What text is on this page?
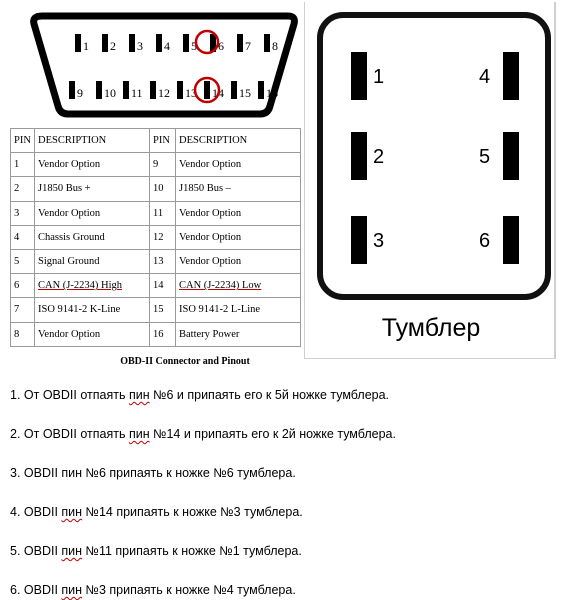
1 2 3 4 5 6 7 8
9 10 11 12 13 14 15 16
PIN	DESCRIPTION	PIN	DESCRIPTION
1	Vendor Option	9	Vendor Option
2	J1850 Bus +	10	J1850 Bus –
3	Vendor Option	11	Vendor Option
4	Chassis Ground	12	Vendor Option
5	Signal Ground	13	Vendor Option
6	CAN (J-2234) High	14	CAN (J-2234) Low
7	ISO 9141-2 K-Line	15	ISO 9141-2 L-Line
8	Vendor Option	16	Battery Power
OBD-II Connector and Pinout
1
2
3
4
5
6
Тумблер
1. От OBDII отпаять пин №6 и припаять его к 5й ножке тумблера.
2. От OBDII отпаять пин №14 и припаять его к 2й ножке тумблера.
3. OBDII пин №6 припаять к ножке №6 тумблера.
4. OBDII пин №14 припаять к ножке №3 тумблера.
5. OBDII пин №11 припаять к ножке №1 тумблера.
6. OBDII пин №3 припаять к ножке №4 тумблера.
